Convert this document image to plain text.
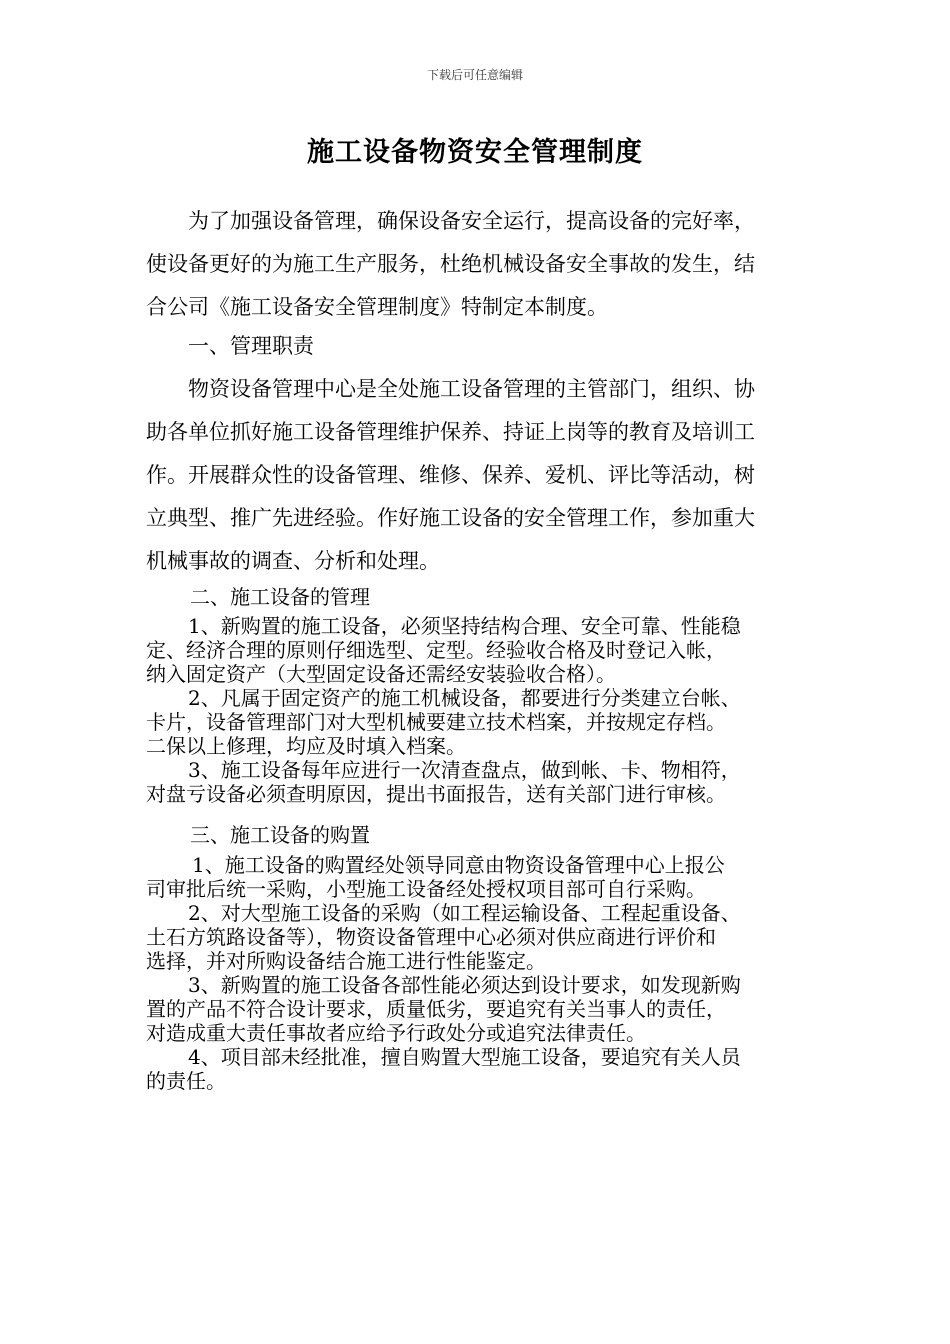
下载后可任意编辑
施工设备物资安全管理制度
为了加强设备管理，确保设备安全运行，提高设备的完好率，
使设备更好的为施工生产服务，杜绝机械设备安全事故的发生，结
合公司《施工设备安全管理制度》特制定本制度。
一、管理职责
物资设备管理中心是全处施工设备管理的主管部门，组织、协
助各单位抓好施工设备管理维护保养、持证上岗等的教育及培训工
作。开展群众性的设备管理、维修、保养、爱机、评比等活动，树
立典型、推广先进经验。作好施工设备的安全管理工作，参加重大
机械事故的调查、分析和处理。
二、施工设备的管理
1、新购置的施工设备，必须坚持结构合理、安全可靠、性能稳
定、经济合理的原则仔细选型、定型。经验收合格及时登记入帐，
纳入固定资产（大型固定设备还需经安装验收合格）。
2、凡属于固定资产的施工机械设备，都要进行分类建立台帐、
卡片，设备管理部门对大型机械要建立技术档案，并按规定存档。
二保以上修理，均应及时填入档案。
3、施工设备每年应进行一次清查盘点，做到帐、卡、物相符，
对盘亏设备必须查明原因，提出书面报告，送有关部门进行审核。
三、施工设备的购置
1、施工设备的购置经处领导同意由物资设备管理中心上报公
司审批后统一采购，小型施工设备经处授权项目部可自行采购。
2、对大型施工设备的采购（如工程运输设备、工程起重设备、
土石方筑路设备等），物资设备管理中心必须对供应商进行评价和
选择，并对所购设备结合施工进行性能鉴定。
3、新购置的施工设备各部性能必须达到设计要求，如发现新购
置的产品不符合设计要求，质量低劣，要追究有关当事人的责任，
对造成重大责任事故者应给予行政处分或追究法律责任。
4、项目部未经批准，擅自购置大型施工设备，要追究有关人员
的责任。
